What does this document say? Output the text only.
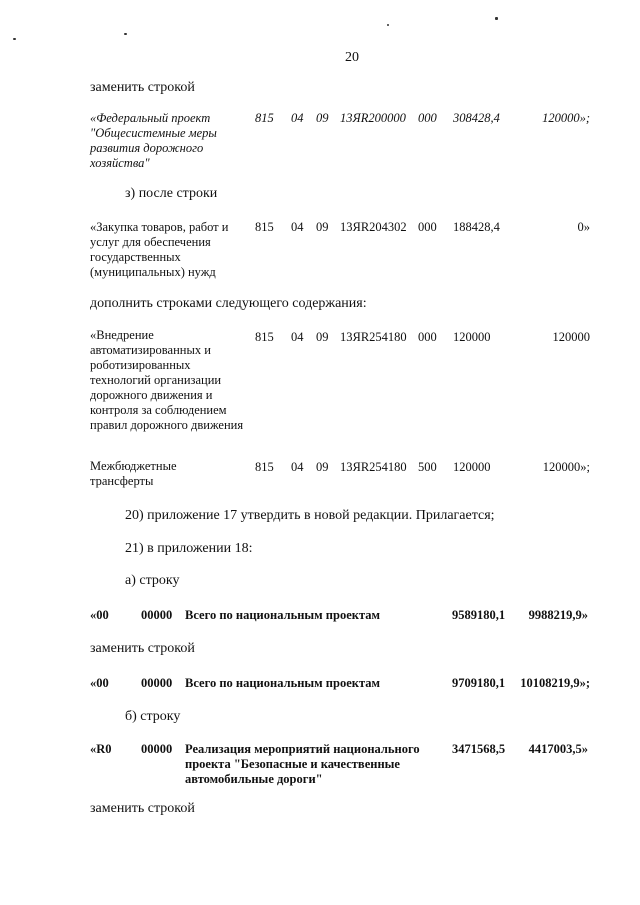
20
заменить строкой
«Федеральный проект "Общесистемные меры развития дорожного хозяйства"
815 04 09 13ЯR200000 000 308428,4	120000»;
з) после строки
«Закупка товаров, работ и услуг для обеспечения государственных (муниципальных) нужд
815 04 09 13ЯR204302 000 188428,4	0»
дополнить строками следующего содержания:
«Внедрение автоматизированных и роботизированных технологий организации дорожного движения и контроля за соблюдением правил дорожного движения
815 04 09 13ЯR254180 000 120000	120000
Межбюджетные трансферты
815 04 09 13ЯR254180 500 120000	120000»;
20) приложение 17 утвердить в новой редакции. Прилагается;
21) в приложении 18:
а) строку
«00	00000 Всего по национальным проектам	9589180,1 9988219,9»
заменить строкой
«00	00000 Всего по национальным проектам	9709180,1 10108219,9»;
б) строку
«R0 00000 Реализация мероприятий национального проекта "Безопасные и качественные автомобильные дороги"
3471568,5 4417003,5»
заменить строкой
